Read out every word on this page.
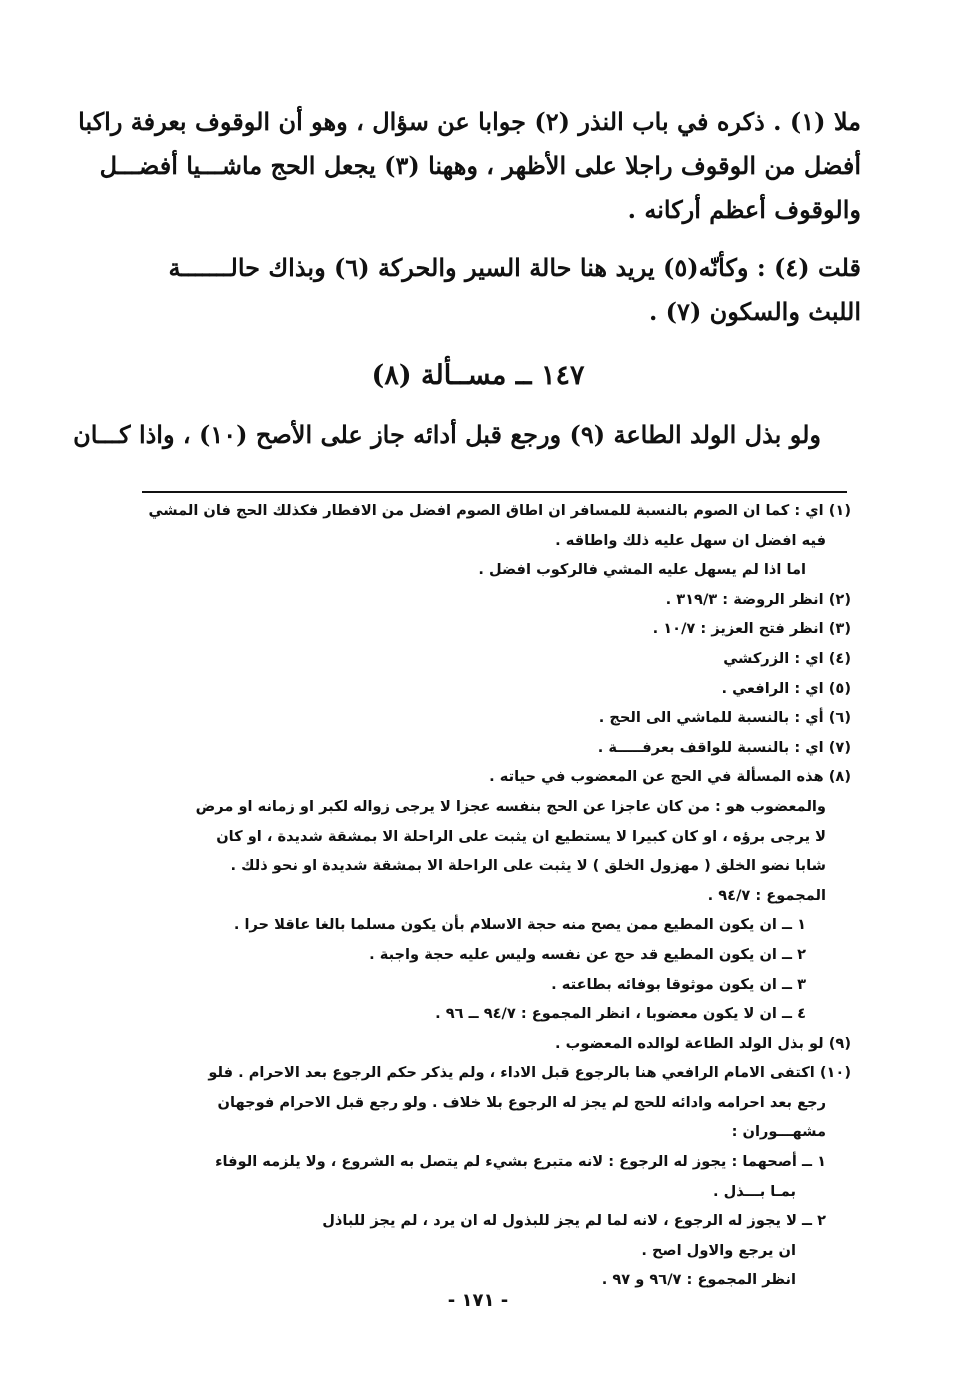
ملا (١) . ذكره في باب النذر (٢) جوابا عن سؤال ، وهو أن الوقوف بعرفة راكبا
أفضل من الوقوف راجلا على الأظهر ، وههنا (٣) يجعل الحج ماشـــيا أفضـــل
والوقوف أعظم أركانه .
قلت (٤) : وكأنّه(٥) يريد هنا حالة السير والحركة (٦) وبذاك حالـــــــة
اللبث والسكون (٧) .
١٤٧ ــ مســألة (٨)
ولو بذل الولد الطاعة (٩) ورجع قبل أدائه جاز على الأصح (١٠) ، واذا كـــان
(١) اي : كما ان الصوم بالنسبة للمسافر ان اطاق الصوم افضل من الافطار فكذلك الحج فان المشي
فيه افضل ان سهل عليه ذلك واطاقه .
اما اذا لم يسهل عليه المشي فالركوب افضل .
(٢) انظر الروضة : ٣١٩/٣ .
(٣) انظر فتح العزيز : ١٠/٧ .
(٤) اي : الزركشي
(٥) اي : الرافعي .
(٦) أي : بالنسبة للماشي الى الحج .
(٧) اي : بالنسبة للواقف بعرفـــــة .
(٨) هذه المسألة في الحج عن المعضوب في حياته .
والمعضوب هو : من كان عاجزا عن الحج بنفسه عجزا لا يرجى زواله لكبر او زمانه او مرض
لا يرجى برؤه ، او كان كبيرا لا يستطيع ان يثبت على الراحلة الا بمشقة شديدة ، او كان
شابا نضو الخلق ( مهزول الخلق ) لا يثبت على الراحلة الا بمشقة شديدة او نحو ذلك .
المجموع : ٩٤/٧ .
١ ــ ان يكون المطيع ممن يصح منه حجة الاسلام بأن يكون مسلما بالغا عاقلا حرا .
٢ ــ ان يكون المطيع قد حج عن نفسه وليس عليه حجة واجبة .
٣ ــ ان يكون موثوقا بوفائه بطاعته .
٤ ــ ان لا يكون معضوبا ، انظر المجموع : ٩٤/٧ ــ ٩٦ .
(٩) لو بذل الولد الطاعة لوالده المعضوب .
(١٠) اكتفى الامام الرافعي هنا بالرجوع قبل الاداء ، ولم يذكر حكم الرجوع بعد الاحرام . فلو
رجع بعد احرامه وادائه للحج لم يجز له الرجوع بلا خلاف . ولو رجع قبل الاحرام فوجهان
مشهـــوران :
١ ــ أصحهما : يجوز له الرجوع : لانه متبرع بشيء لم يتصل به الشروع ، ولا يلزمه الوفاء
بمـا بـــذل .
٢ ــ لا يجوز له الرجوع ، لانه لما لم يجز للبذول له ان يرد ، لم يجز للباذل
ان يرجع والاول اصح .
انظر المجموع : ٩٦/٧ و ٩٧ .
- ١٧١ -
